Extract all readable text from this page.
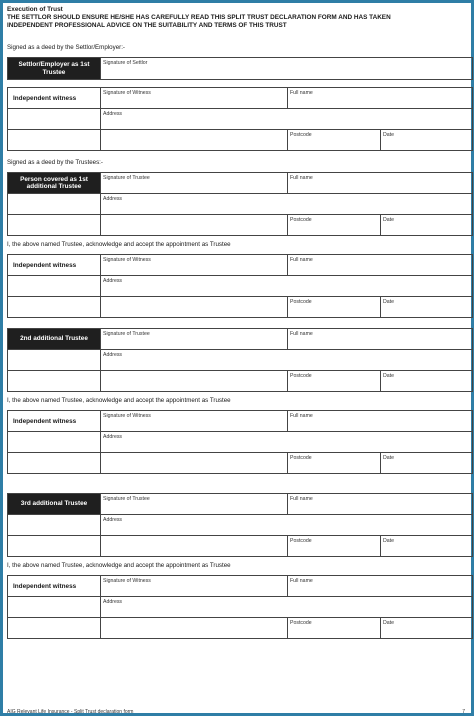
Execution of Trust
THE SETTLOR SHOULD ENSURE HE/SHE HAS CAREFULLY READ THIS SPLIT TRUST DECLARATION FORM AND HAS TAKEN INDEPENDENT PROFESSIONAL ADVICE ON THE SUITABILITY AND TERMS OF THIS TRUST
Signed as a deed by the Settlor/Employer:-
Settlor/Employer as 1st Trustee
Signature of Settlor
Independent witness
Signature of Witness	Full name
Address
Postcode	Date
Signed as a deed by the Trustees:-
Person covered as 1st additional Trustee
Signature of Trustee	Full name
Address
Postcode	Date
I, the above named Trustee, acknowledge and accept the appointment as Trustee
Independent witness
Signature of Witness	Full name
Address
Postcode	Date
2nd additional Trustee
Signature of Trustee	Full name
Address
Postcode	Date
I, the above named Trustee, acknowledge and accept the appointment as Trustee
Independent witness
Signature of Witness	Full name
Address
Postcode	Date
3rd additional Trustee
Signature of Trustee	Full name
Address
Postcode	Date
I, the above named Trustee, acknowledge and accept the appointment as Trustee
Independent witness
Signature of Witness	Full name
Address
Postcode	Date
AIG Relevant Life Insurance - Split Trust declaration form	7
